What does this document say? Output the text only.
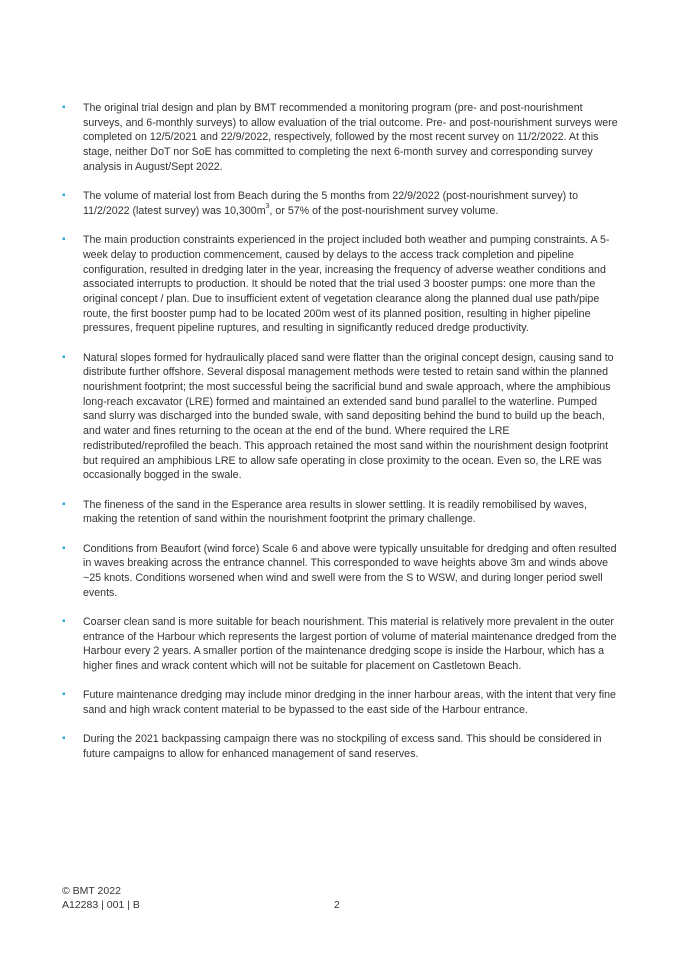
▪ The original trial design and plan by BMT recommended a monitoring program (pre- and post-nourishment surveys, and 6-monthly surveys) to allow evaluation of the trial outcome. Pre- and post-nourishment surveys were completed on 12/5/2021 and 22/9/2022, respectively, followed by the most recent survey on 11/2/2022. At this stage, neither DoT nor SoE has committed to completing the next 6-month survey and corresponding survey analysis in August/Sept 2022.
▪ The volume of material lost from Beach during the 5 months from 22/9/2022 (post-nourishment survey) to 11/2/2022 (latest survey) was $10,300m^3$, or 57% of the post-nourishment survey volume.
▪ The main production constraints experienced in the project included both weather and pumping constraints. A 5-week delay to production commencement, caused by delays to the access track completion and pipeline configuration, resulted in dredging later in the year, increasing the frequency of adverse weather conditions and associated interrupts to production. It should be noted that the trial used 3 booster pumps: one more than the original concept / plan. Due to insufficient extent of vegetation clearance along the planned dual use path/pipe route, the first booster pump had to be located 200m west of its planned position, resulting in higher pipeline pressures, frequent pipeline ruptures, and resulting in significantly reduced dredge productivity.
▪ Natural slopes formed for hydraulically placed sand were flatter than the original concept design, causing sand to distribute further offshore. Several disposal management methods were tested to retain sand within the planned nourishment footprint; the most successful being the sacrificial bund and swale approach, where the amphibious long-reach excavator (LRE) formed and maintained an extended sand bund parallel to the waterline. Pumped sand slurry was discharged into the bunded swale, with sand depositing behind the bund to build up the beach, and water and fines returning to the ocean at the end of the bund. Where required the LRE redistributed/reprofiled the beach. This approach retained the most sand within the nourishment design footprint but required an amphibious LRE to allow safe operating in close proximity to the ocean. Even so, the LRE was occasionally bogged in the swale.
▪ The fineness of the sand in the Esperance area results in slower settling. It is readily remobilised by waves, making the retention of sand within the nourishment footprint the primary challenge.
▪ Conditions from Beaufort (wind force) Scale 6 and above were typically unsuitable for dredging and often resulted in waves breaking across the entrance channel. This corresponded to wave heights above 3m and winds above ~25 knots. Conditions worsened when wind and swell were from the S to WSW, and during longer period swell events.
▪ Coarser clean sand is more suitable for beach nourishment. This material is relatively more prevalent in the outer entrance of the Harbour which represents the largest portion of volume of material maintenance dredged from the Harbour every 2 years. A smaller portion of the maintenance dredging scope is inside the Harbour, which has a higher fines and wrack content which will not be suitable for placement on Castletown Beach.
▪ Future maintenance dredging may include minor dredging in the inner harbour areas, with the intent that very fine sand and high wrack content material to be bypassed to the east side of the Harbour entrance.
▪ During the 2021 backpassing campaign there was no stockpiling of excess sand. This should be considered in future campaigns to allow for enhanced management of sand reserves.
© BMT 2022
A12283 | 001 | B	2
